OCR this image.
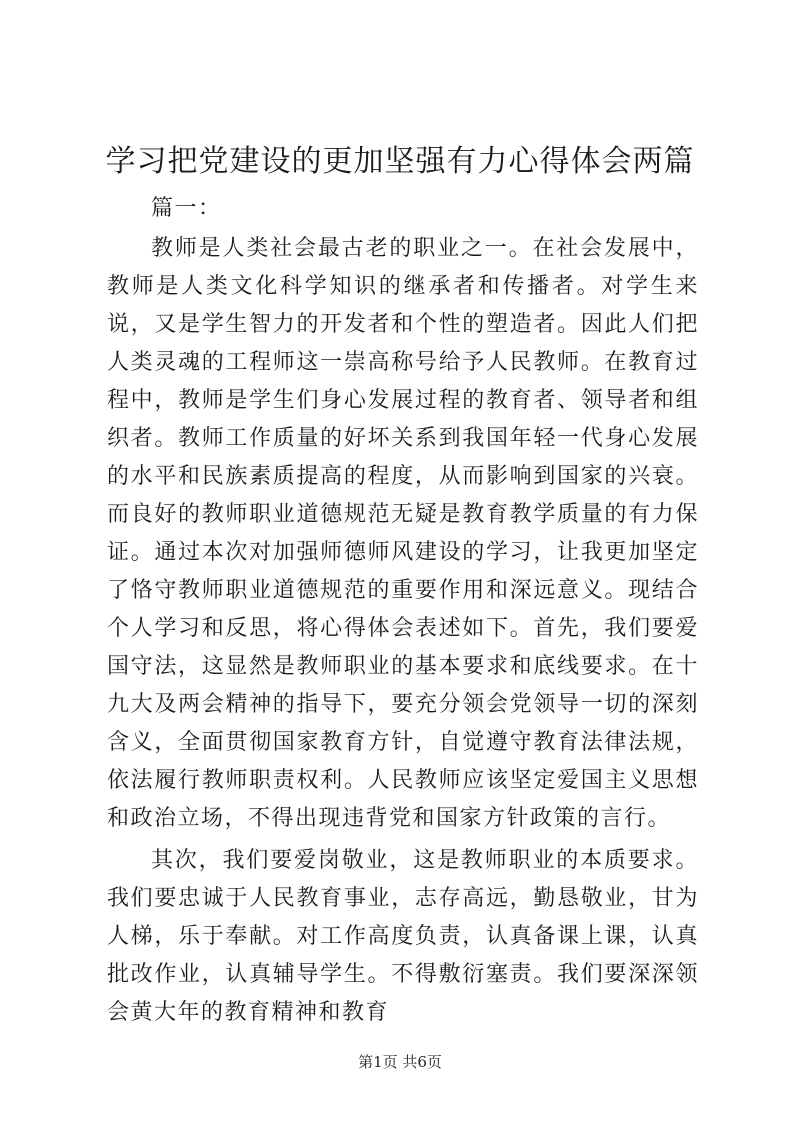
学习把党建设的更加坚强有力心得体会两篇

篇一：

教师是人类社会最古老的职业之一。在社会发展中，教师是人类文化科学知识的继承者和传播者。对学生来说，又是学生智力的开发者和个性的塑造者。因此人们把人类灵魂的工程师这一崇高称号给予人民教师。在教育过程中，教师是学生们身心发展过程的教育者、领导者和组织者。教师工作质量的好坏关系到我国年轻一代身心发展的水平和民族素质提高的程度，从而影响到国家的兴衰。而良好的教师职业道德规范无疑是教育教学质量的有力保证。通过本次对加强师德师风建设的学习，让我更加坚定了恪守教师职业道德规范的重要作用和深远意义。现结合个人学习和反思，将心得体会表述如下。首先，我们要爱国守法，这显然是教师职业的基本要求和底线要求。在十九大及两会精神的指导下，要充分领会党领导一切的深刻含义，全面贯彻国家教育方针，自觉遵守教育法律法规，依法履行教师职责权利。人民教师应该坚定爱国主义思想和政治立场，不得出现违背党和国家方针政策的言行。

其次，我们要爱岗敬业，这是教师职业的本质要求。我们要忠诚于人民教育事业，志存高远，勤恳敬业，甘为人梯，乐于奉献。对工作高度负责，认真备课上课，认真批改作业，认真辅导学生。不得敷衍塞责。我们要深深领会黄大年的教育精神和教育

第1页 共6页
